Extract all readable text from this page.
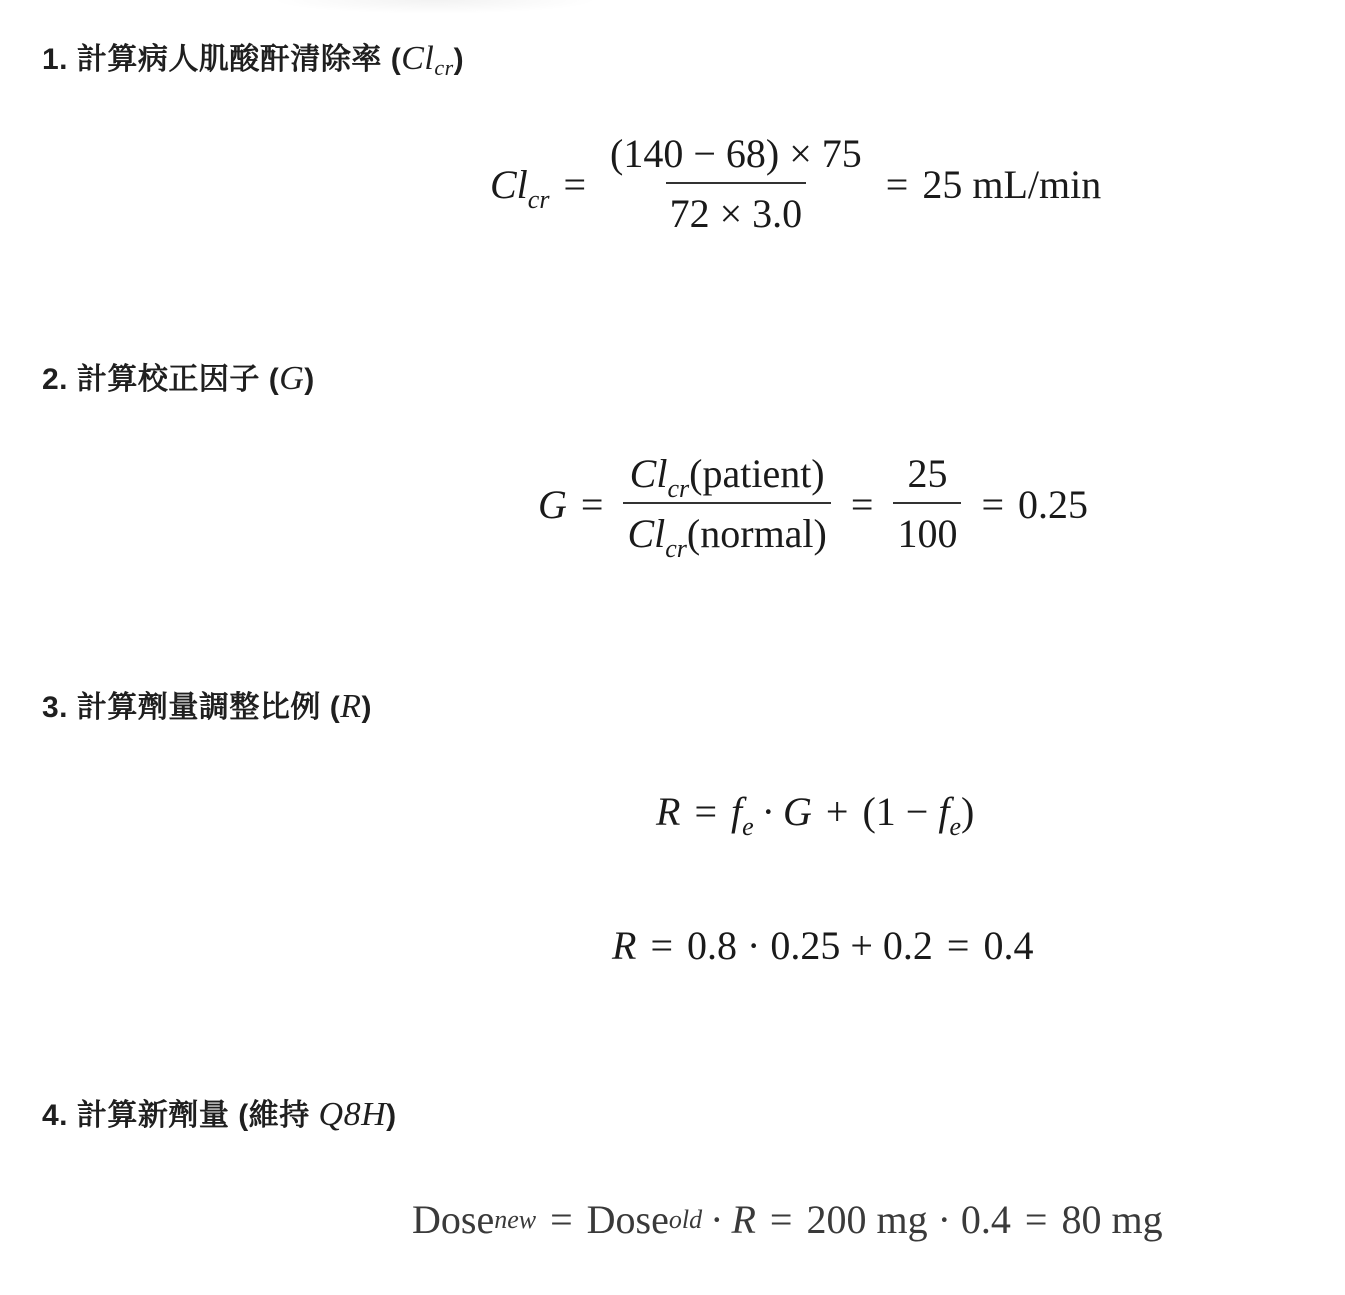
1. 計算病人肌酸酐清除率 $(Cl_{cr})$
$Cl_{cr} = \frac{(140 - 68) \times 75}{72 \times 3.0} = 25$ mL/min
2. 計算校正因子 (G)
$G = \frac{Cl_{cr}(patient)}{Cl_{cr}(normal)} = \frac{25}{100} = 0.25$
3. 計算劑量調整比例 (R)
$R = f_e \cdot G + (1$ −
$f_e$ )
R = 0.8 · 0.25 + 0.2 = 0.4
4. 計算新劑量 (維持 Q8H)
Dose new = Dose old · R = 200 mg · 0.4 = 80 mg
